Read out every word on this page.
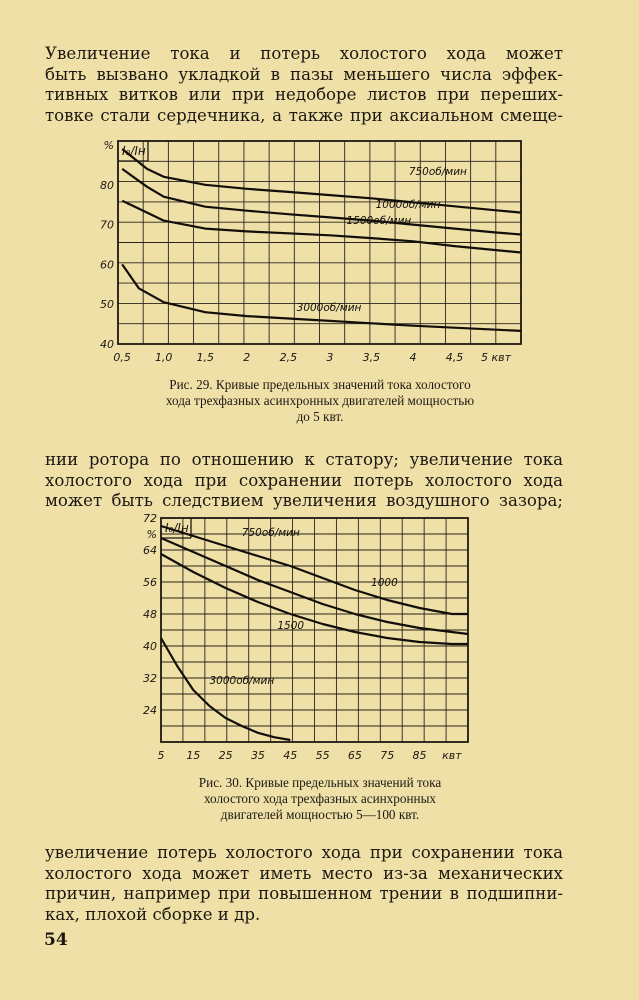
Увеличение тока и потерь холостого хода может
быть вызвано укладкой в пазы меньшего числа эффек-
тивных витков или при недоборе листов при переших-
товке стали сердечника, а также при аксиальном смеще-
0,5 1,0 1,5	2	2,5	3	3,5	4	4,5 5 квт
40
50
60
70
80
% I₀/Iн
750об/мин
1000об/мин
1500об/мин
3000об/мин
Рис. 29. Кривые предельных значений тока холостого
хода трехфазных асинхронных двигателей мощностью
до 5 квт.
нии ротора по отношению к статору; увеличение тока
холостого хода при сохранении потерь холостого хода
может быть следствием увеличения воздушного зазора;
5 15 25 35 45 55 65 75 85 квт
24
32
40
48
56
64
%
72
I₀/Iн	750об/мин
1000
1500
3000об/мин
Рис. 30. Кривые предельных значений тока
холостого хода трехфазных асинхронных
двигателей мощностью 5—100 квт.
увеличение потерь холостого хода при сохранении тока
холостого хода может иметь место из-за механических
причин, например при повышенном трении в подшипни-
ках, плохой сборке и др.
54
